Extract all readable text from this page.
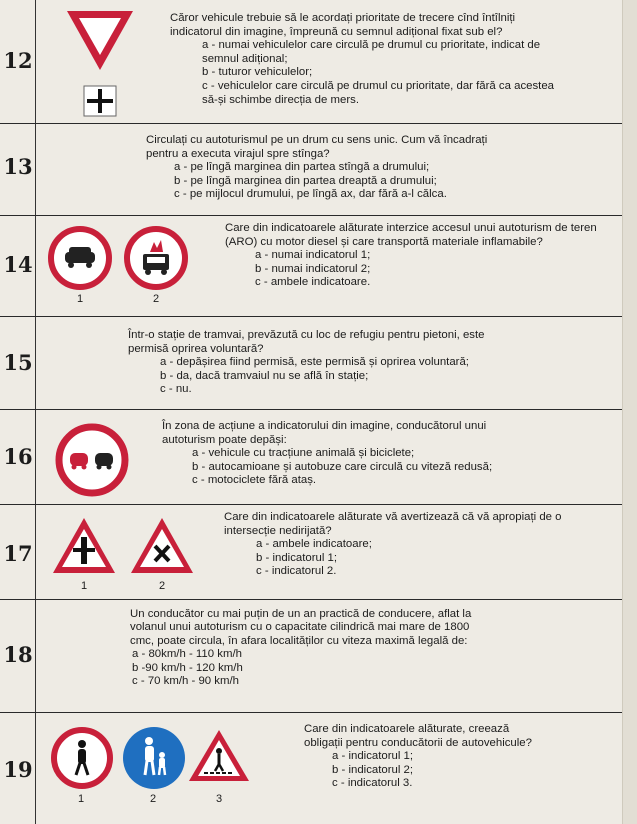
12
Căror vehicule trebuie să le acordați prioritate de trecere cînd întîlniți indicatorul din imagine, împreună cu semnul adițional fixat sub el?
a - numai vehiculelor care circulă pe drumul cu prioritate, indicat de semnul adițional;
b - tuturor vehiculelor;
c - vehiculelor care circulă pe drumul cu prioritate, dar fără ca acestea să-și schimbe direcția de mers.
13
Circulați cu autoturismul pe un drum cu sens unic. Cum vă încadrați pentru a executa virajul spre stînga?
a - pe lîngă marginea din partea stîngă a drumului;
b - pe lîngă marginea din partea dreaptă a drumului;
c - pe mijlocul drumului, pe lîngă ax, dar fără a-l călca.
14
1	2
Care din indicatoarele alăturate interzice accesul unui autoturism de teren (ARO) cu motor diesel și care transportă materiale inflamabile?
a - numai indicatorul 1;
b - numai indicatorul 2;
c - ambele indicatoare.
15
Într-o stație de tramvai, prevăzută cu loc de refugiu pentru pietoni, este permisă oprirea voluntară?
a - depășirea fiind permisă, este permisă și oprirea voluntară;
b - da, dacă tramvaiul nu se află în stație;
c - nu.
16
În zona de acțiune a indicatorului din imagine, conducătorul unui autoturism poate depăși:
a - vehicule cu tracțiune animală și biciclete;
b - autocamioane și autobuze care circulă cu viteză redusă;
c - motociclete fără ataș.
17
1	2
Care din indicatoarele alăturate vă avertizează că vă apropiați de o intersecție nedirijată?
a - ambele indicatoare;
b - indicatorul 1;
c - indicatorul 2.
18
Un conducător cu mai puțin de un an practică de conducere, aflat la volanul unui autoturism cu o capacitate cilindrică mai mare de 1800 cmc, poate circula, în afara localităților cu viteza maximă legală de:
a - 80km/h - 110 km/h
b -90 km/h - 120 km/h
c - 70 km/h - 90 km/h
19
1	2	3
Care din indicatoarele alăturate, creează obligații pentru conducătorii de autovehicule?
a - indicatorul 1;
b - indicatorul 2;
c - indicatorul 3.
